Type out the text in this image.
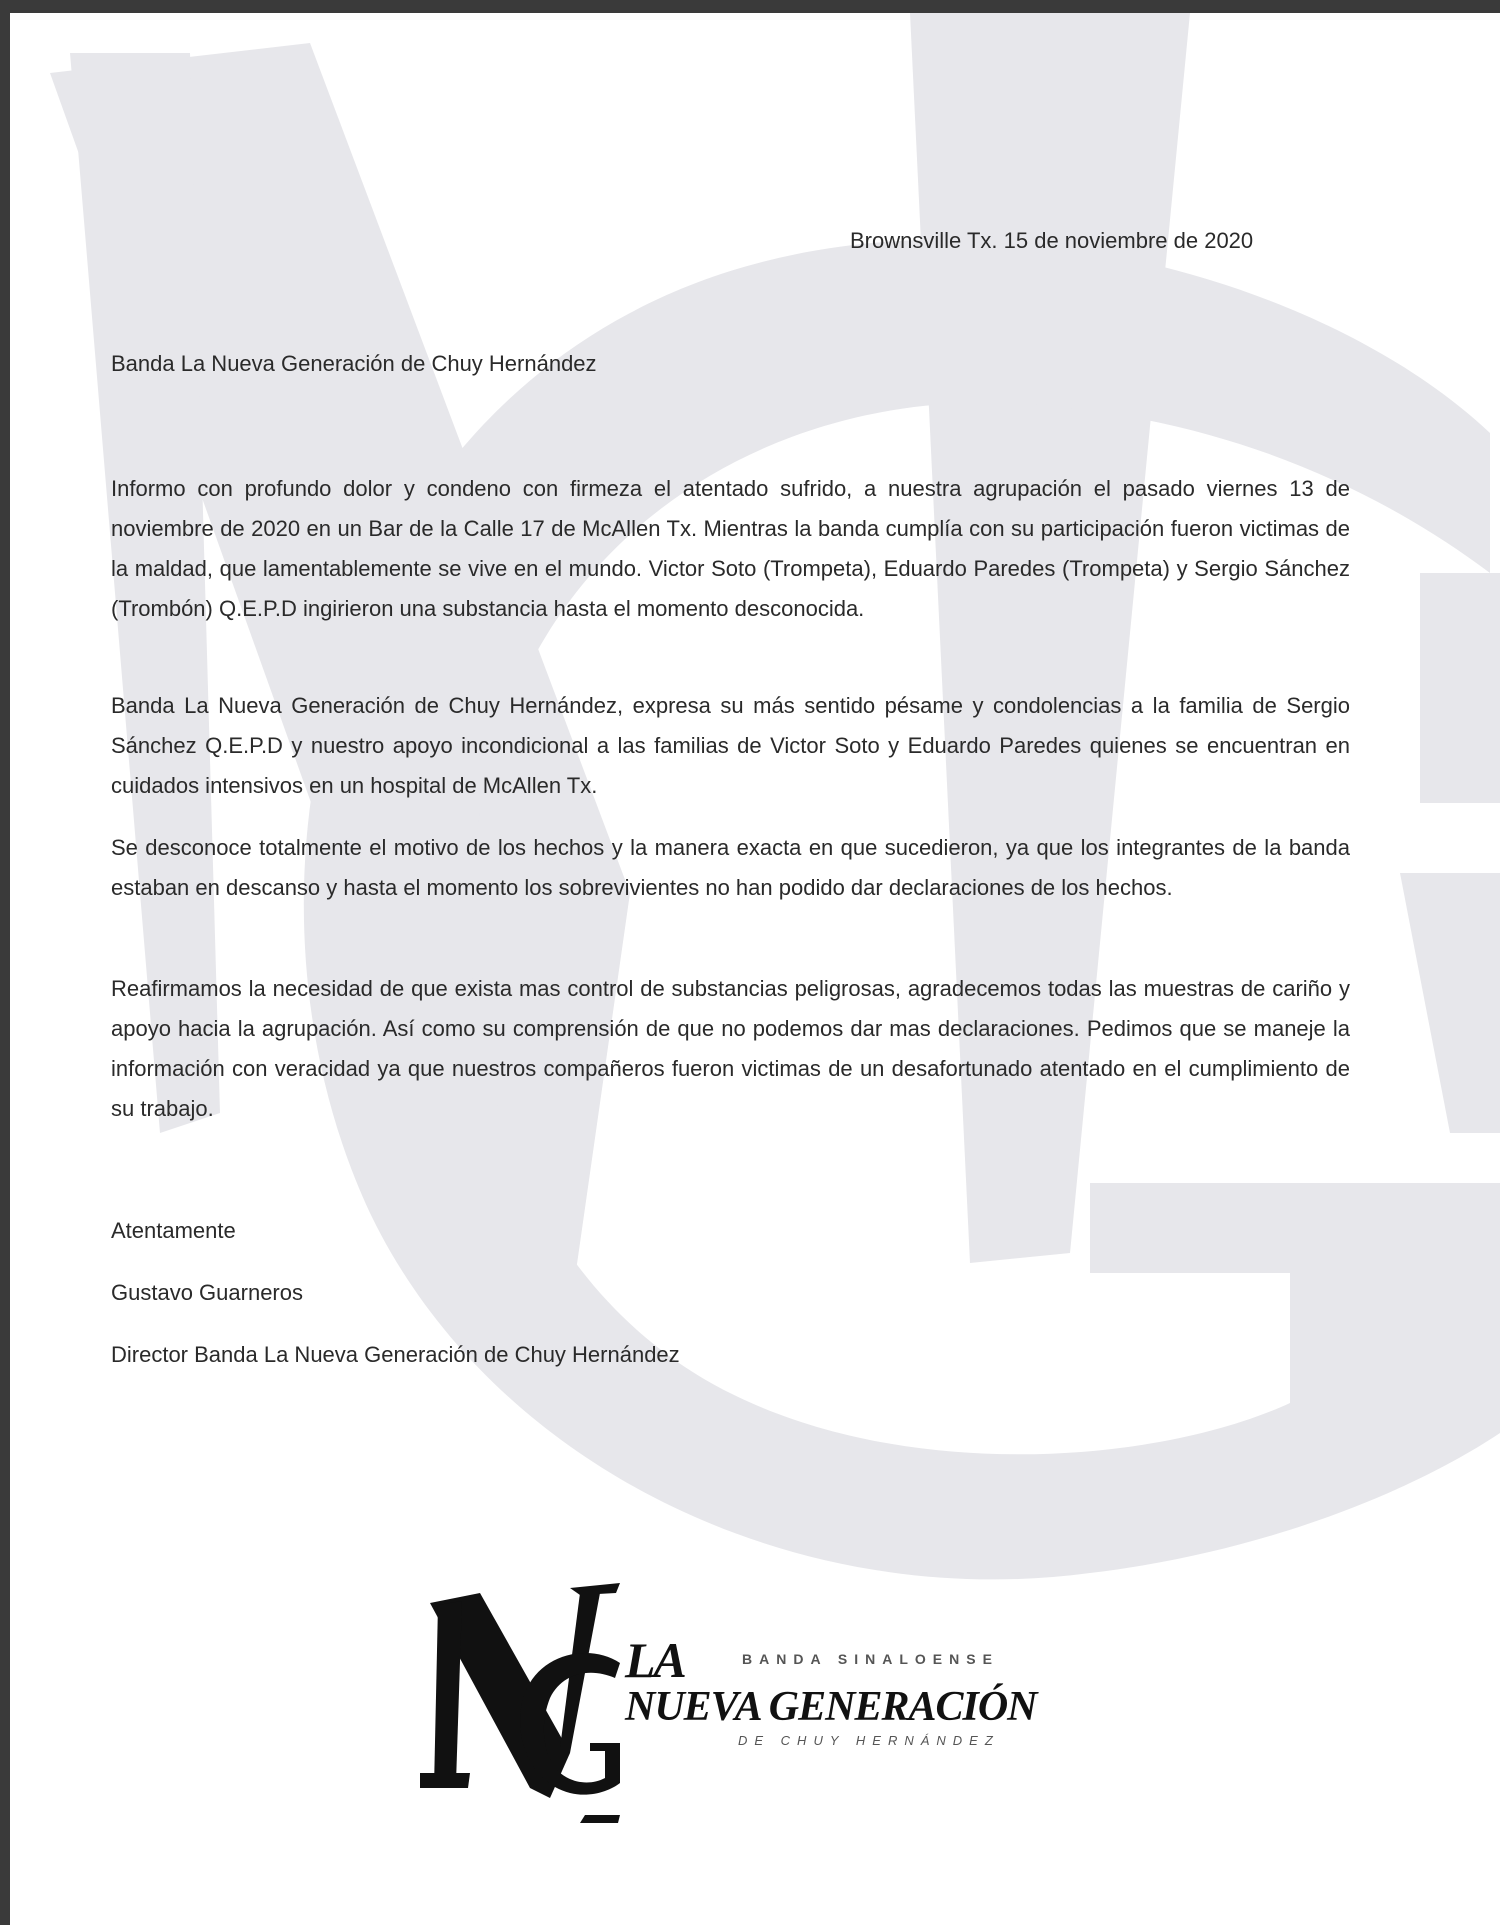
Brownsville Tx. 15 de noviembre de 2020
Banda La Nueva Generación de Chuy Hernández
Informo con profundo dolor y condeno con firmeza el atentado sufrido, a nuestra agrupación el pasado viernes 13 de noviembre de 2020 en un Bar de la Calle 17 de McAllen Tx. Mientras la banda cumplía con su participación fueron victimas de la maldad, que lamentablemente se vive en el mundo. Victor Soto (Trompeta), Eduardo Paredes (Trompeta) y Sergio Sánchez (Trombón) Q.E.P.D ingirieron una substancia hasta el momento desconocida.
Banda La Nueva Generación de Chuy Hernández, expresa su más sentido pésame y condolencias a la familia de Sergio Sánchez Q.E.P.D y nuestro apoyo incondicional a las familias de Victor Soto y Eduardo Paredes quienes se encuentran en cuidados intensivos en un hospital de McAllen Tx.
Se desconoce totalmente el motivo de los hechos y la manera exacta en que sucedieron, ya que los integrantes de la banda estaban en descanso y hasta el momento los sobrevivientes no han podido dar declaraciones de los hechos.
Reafirmamos la necesidad de que exista mas control de substancias peligrosas, agradecemos todas las muestras de cariño y apoyo hacia la agrupación. Así como su comprensión de que no podemos dar mas declaraciones. Pedimos que se maneje la información con veracidad ya que nuestros compañeros fueron victimas de un desafortunado atentado en el cumplimiento de su trabajo.
Atentamente
Gustavo Guarneros
Director Banda La Nueva Generación de Chuy Hernández
LA	BANDA SINALOENSE
NUEVA GENERACIÓN
DE CHUY HERNÁNDEZ
